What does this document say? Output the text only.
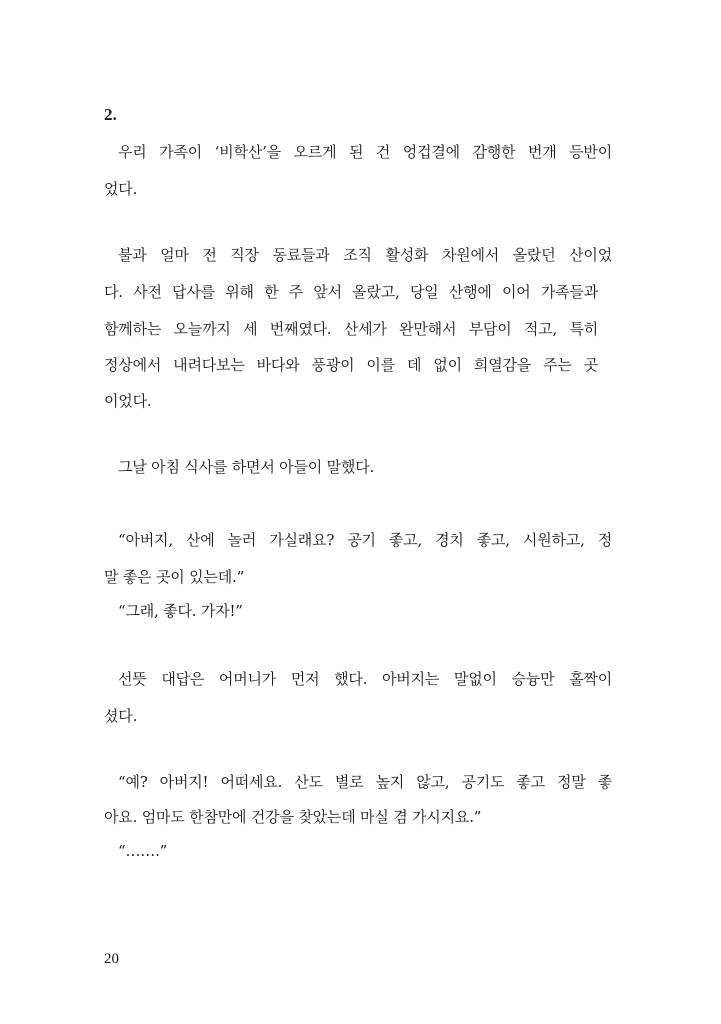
2.
우리 가족이 ‘비학산’을 오르게 된 건 엉겁결에 감행한 번개 등반이
었다.
불과 얼마 전 직장 동료들과 조직 활성화 차원에서 올랐던 산이었
다. 사전 답사를 위해 한 주 앞서 올랐고, 당일 산행에 이어 가족들과
함께하는 오늘까지 세 번째였다. 산세가 완만해서 부담이 적고, 특히
정상에서 내려다보는 바다와 풍광이 이를 데 없이 희열감을 주는 곳
이었다.
그날 아침 식사를 하면서 아들이 말했다.
“아버지, 산에 놀러 가실래요? 공기 좋고, 경치 좋고, 시원하고, 정
말 좋은 곳이 있는데.”
“그래, 좋다. 가자!”
선뜻 대답은 어머니가 먼저 했다. 아버지는 말없이 승늉만 홀짝이
셨다.
“예? 아버지! 어떠세요. 산도 별로 높지 않고, 공기도 좋고 정말 좋
아요. 엄마도 한참만에 건강을 찾았는데 마실 겸 가시지요.”
“…….”
20
